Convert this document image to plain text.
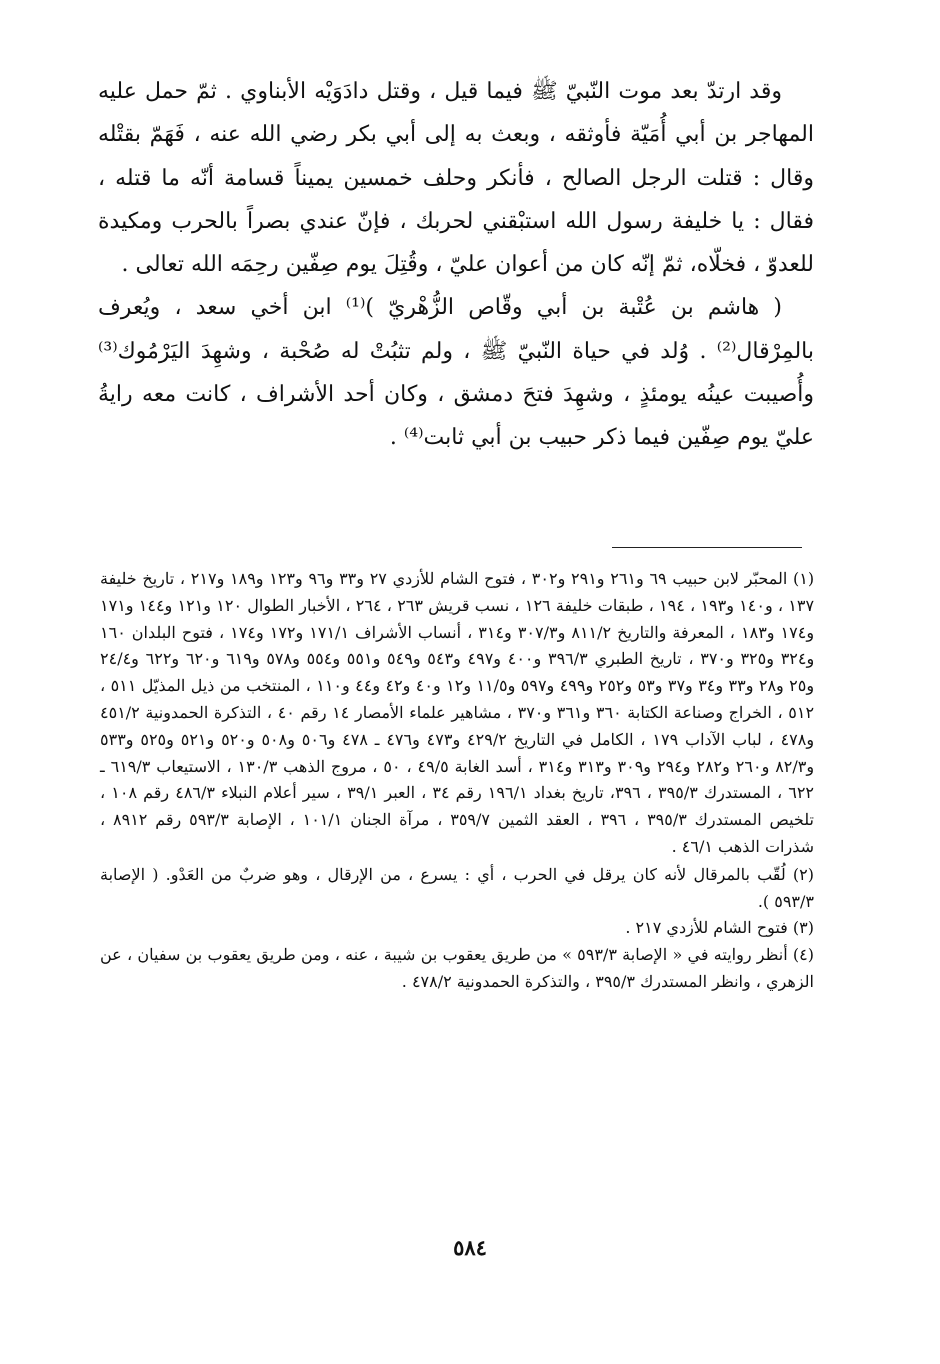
وقد ارتدّ بعد موت النّبيّ ﷺ فيما قيل ، وقتل دادَوَيْه الأبناوي . ثمّ حمل عليه المهاجر بن أبي أُمَيّة فأوثقه ، وبعث به إلى أبي بكر رضي الله عنه ، فَهَمّ بقتْله وقال : قتلت الرجل الصالح ، فأنكر وحلف خمسين يميناً قسامة أنّه ما قتله ، فقال : يا خليفة رسول الله استبْقني لحربك ، فإنّ عندي بصراً بالحرب ومكيدة للعدوّ ، فخلّاه، ثمّ إنّه كان من أعوان عليّ ، وقُتِلَ يوم صِفّين رحِمَه الله تعالى .

( هاشم بن عُتْبة بن أبي وقّاص الزُّهْريّ )⁽¹⁾ ابن أخي سعد ، ويُعرف بالمِرْقال⁽²⁾ . وُلد في حياة النّبيّ ﷺ ، ولم تثبُتْ له صُحْبة ، وشهِدَ اليَرْمُوك⁽³⁾ وأُصيبت عينُه يومئذٍ ، وشهِدَ فتحَ دمشق ، وكان أحد الأشراف ، كانت معه رايةُ عليّ يوم صِفّين فيما ذكر حبيب بن أبي ثابت⁽⁴⁾ .

(١) المحبّر لابن حبيب ٦٩ و٢٦١ و٢٩١ و٣٠٢ ، فتوح الشام للأزدي ٢٧ و٣٣ و٩٦ و١٢٣ و١٨٩ و٢١٧ ، تاريخ خليفة ١٣٧ ، و١٤٠ و١٩٣ ، ١٩٤ ، طبقات خليفة ١٢٦ ، نسب قريش ٢٦٣ ، ٢٦٤ ، الأخبار الطوال ١٢٠ و١٢١ و١٤٤ و١٧١ و١٧٤ و١٨٣ ، المعرفة والتاريخ ٨١١/٢ و٣٠٧/٣ و٣١٤ ، أنساب الأشراف ١٧١/١ و١٧٢ و١٧٤ ، فتوح البلدان ١٦٠ و٣٢٤ و٣٢٥ و٣٧٠ ، تاريخ الطبري ٣٩٦/٣ و٤٠٠ و٤٩٧ و٥٤٣ و٥٤٩ و٥٥١ و٥٥٤ و٥٧٨ و٦١٩ و٦٢٠ و٦٢٢ و٢٤/٤ و٢٥ و٢٨ و٣٣ و٣٤ و٣٧ و٥٣ و٢٥٢ و٤٩٩ و٥٩٧ و١١/٥ و١٢ و٤٠ و٤٢ و٤٤ و١١٠ ، المنتخب من ذيل المذيّل ٥١١ ، ٥١٢ ، الخراج وصناعة الكتابة ٣٦٠ و٣٦١ و٣٧٠ ، مشاهير علماء الأمصار ١٤ رقم ٤٠ ، التذكرة الحمدونية ٤٥١/٢ و٤٧٨ ، لباب الآداب ١٧٩ ، الكامل في التاريخ ٤٢٩/٢ و٤٧٣ و٤٧٦ ـ ٤٧٨ و٥٠٦ و٥٠٨ و٥٢٠ و٥٢١ و٥٢٥ و٥٣٣ و٨٢/٣ و٢٦٠ و٢٨٢ و٢٩٤ و٣٠٩ و٣١٣ و٣١٤ ، أسد الغابة ٤٩/٥ ، ٥٠ ، مروج الذهب ١٣٠/٣ ، الاستيعاب ٦١٩/٣ ـ ٦٢٢ ، المستدرك ٣٩٥/٣ ، ٣٩٦، تاريخ بغداد ١٩٦/١ رقم ٣٤ ، العبر ٣٩/١ ، سير أعلام النبلاء ٤٨٦/٣ رقم ١٠٨ ، تلخيص المستدرك ٣٩٥/٣ ، ٣٩٦ ، العقد الثمين ٣٥٩/٧ ، مرآة الجنان ١٠١/١ ، الإصابة ٥٩٣/٣ رقم ٨٩١٢ ، شذرات الذهب ٤٦/١ .

(٢) لُقّب بالمرقال لأنه كان يرقل في الحرب ، أي : يسرع ، من الإرقال ، وهو ضربٌ من العَدْو. ( الإصابة ٥٩٣/٣ ).

(٣) فتوح الشام للأزدي ٢١٧ .

(٤) أنظر روايته في « الإصابة ٥٩٣/٣ » من طريق يعقوب بن شيبة ، عنه ، ومن طريق يعقوب بن سفيان ، عن الزهري ، وانظر المستدرك ٣٩٥/٣ ، والتذكرة الحمدونية ٤٧٨/٢ .

٥٨٤
